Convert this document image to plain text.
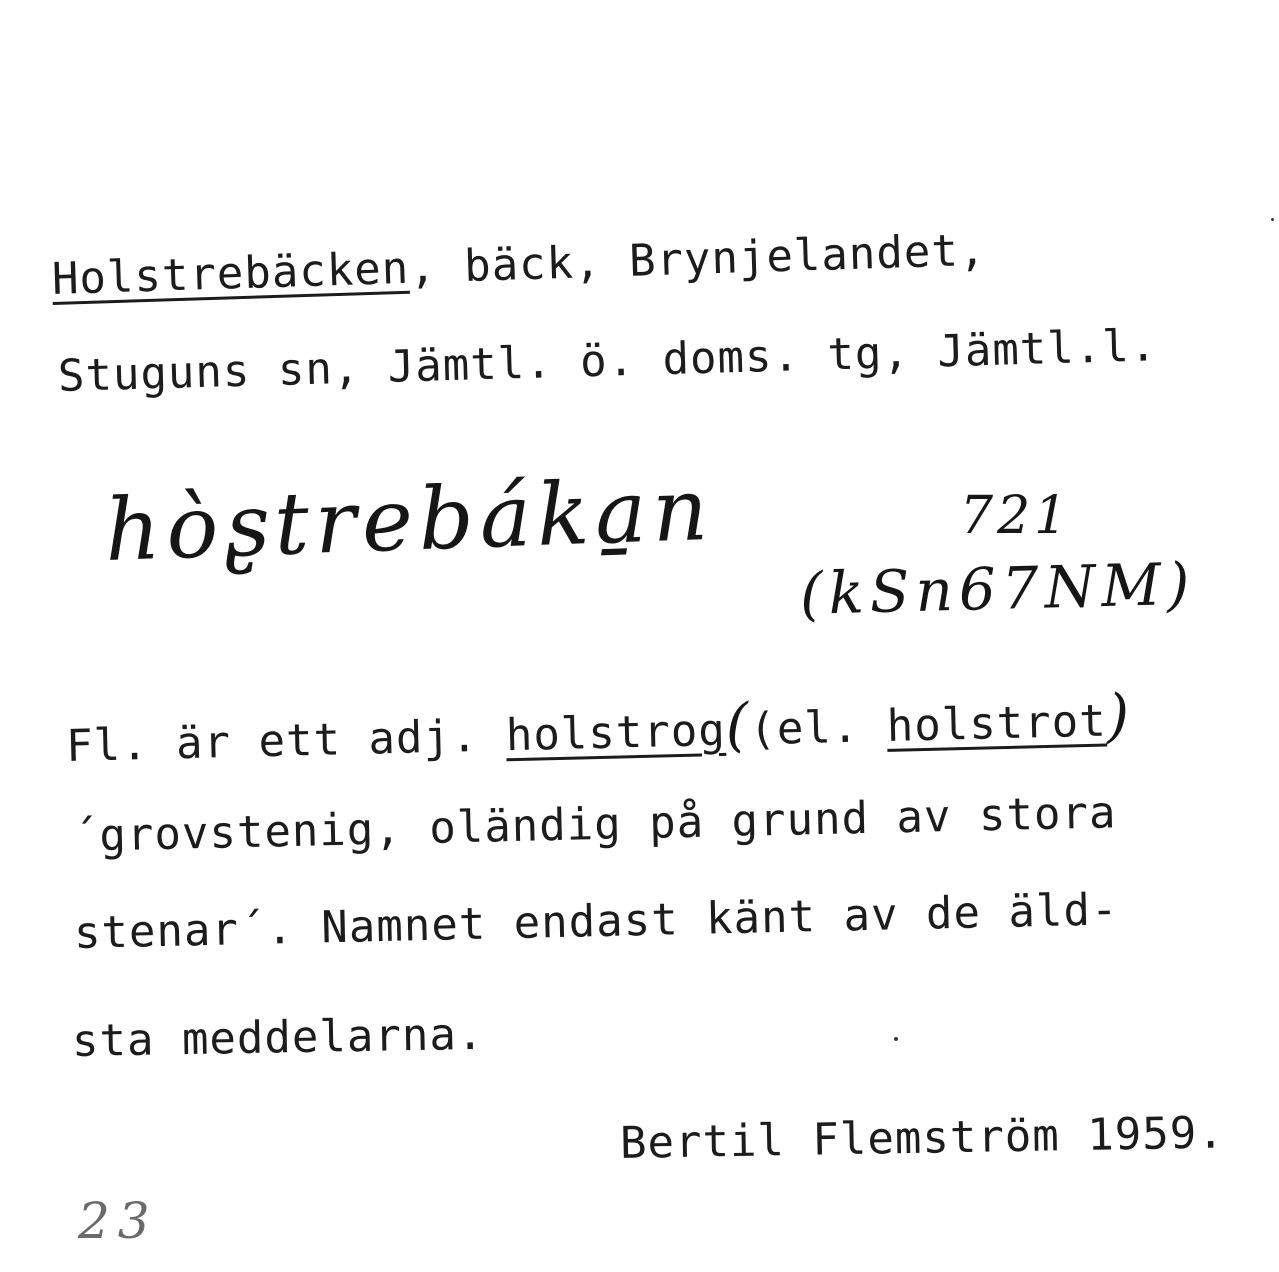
Holstrebäcken, bäck, Brynjelandet,
Stuguns sn, Jämtl. ö. doms. tg, Jämtl.l.
hòʂtrebáka̱n	721
(kSn67NM)
Fl. är ett adj. holstrog((el. holstrot)
´grovstenig, oländig på grund av stora
stenar´. Namnet endast känt av de äld-
sta meddelarna.
Bertil Flemström 1959.
23
